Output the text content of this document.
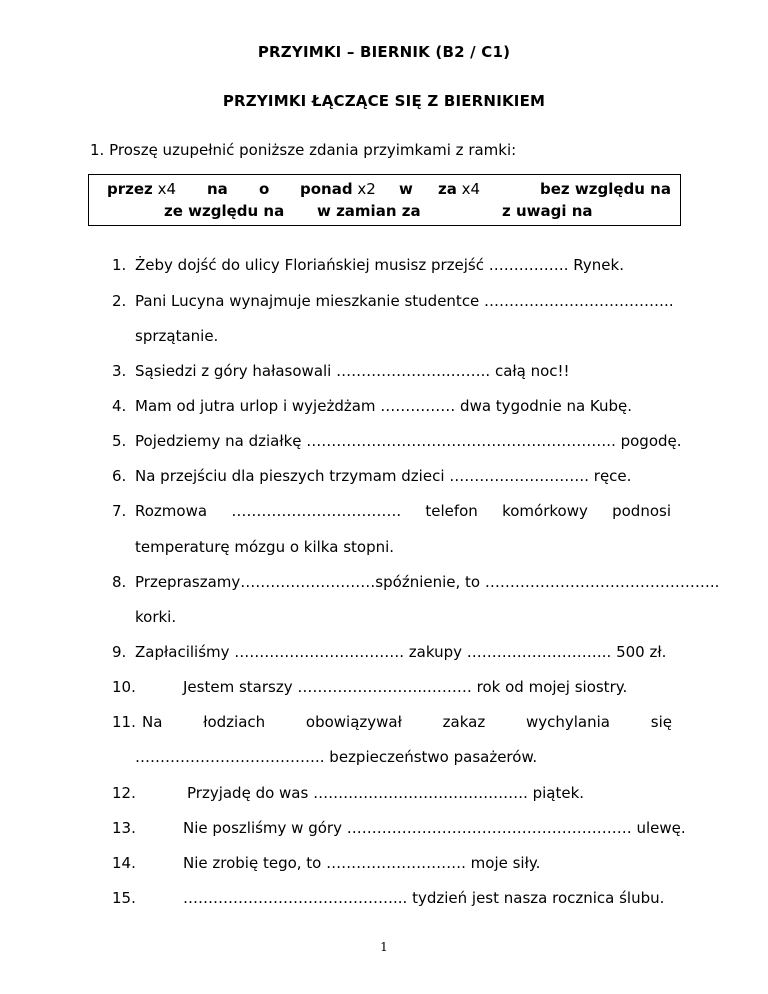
PRZYIMKI – BIERNIK (B2 / C1)
PRZYIMKI ŁĄCZĄCE SIĘ Z BIERNIKIEM
1. Proszę uzupełnić poniższe zdania przyimkami z ramki:
przez x4 na o ponad x2 w za x4	bez względu na
ze względu na w zamian za	z uwagi na
1. Żeby dojść do ulicy Floriańskiej musisz przejść ……………. Rynek.
2. Pani Lucyna wynajmuje mieszkanie studentce ………………………………..
sprzątanie.
3. Sąsiedzi z góry hałasowali …………………..…….. całą noc!!
4. Mam od jutra urlop i wyjeżdżam …………… dwa tygodnie na Kubę.
5. Pojedziemy na działkę …………………………………………………….. pogodę.
6. Na przejściu dla pieszych trzymam dzieci ………………………. ręce.
7. Rozmowa ……………………………. telefon komórkowy podnosi
temperaturę mózgu o kilka stopni.
8. Przepraszamy………………………spóźnienie, to ………………………………………..
korki.
9. Zapłaciliśmy ……………………………. zakupy ……………………….. 500 zł.
10.	Jestem starszy ……………………..……… rok od mojej siostry.
11. Na	łodziach	obowiązywał	zakaz	wychylania	się
……………………………….. bezpieczeństwo pasażerów.
12.	Przyjadę do was ……………………………………. piątek.
13.	Nie poszliśmy w góry ………………………………………………… ulewę.
14.	Nie zrobię tego, to ………………………. moje siły.
15.	……………………………………... tydzień jest nasza rocznica ślubu.
1
